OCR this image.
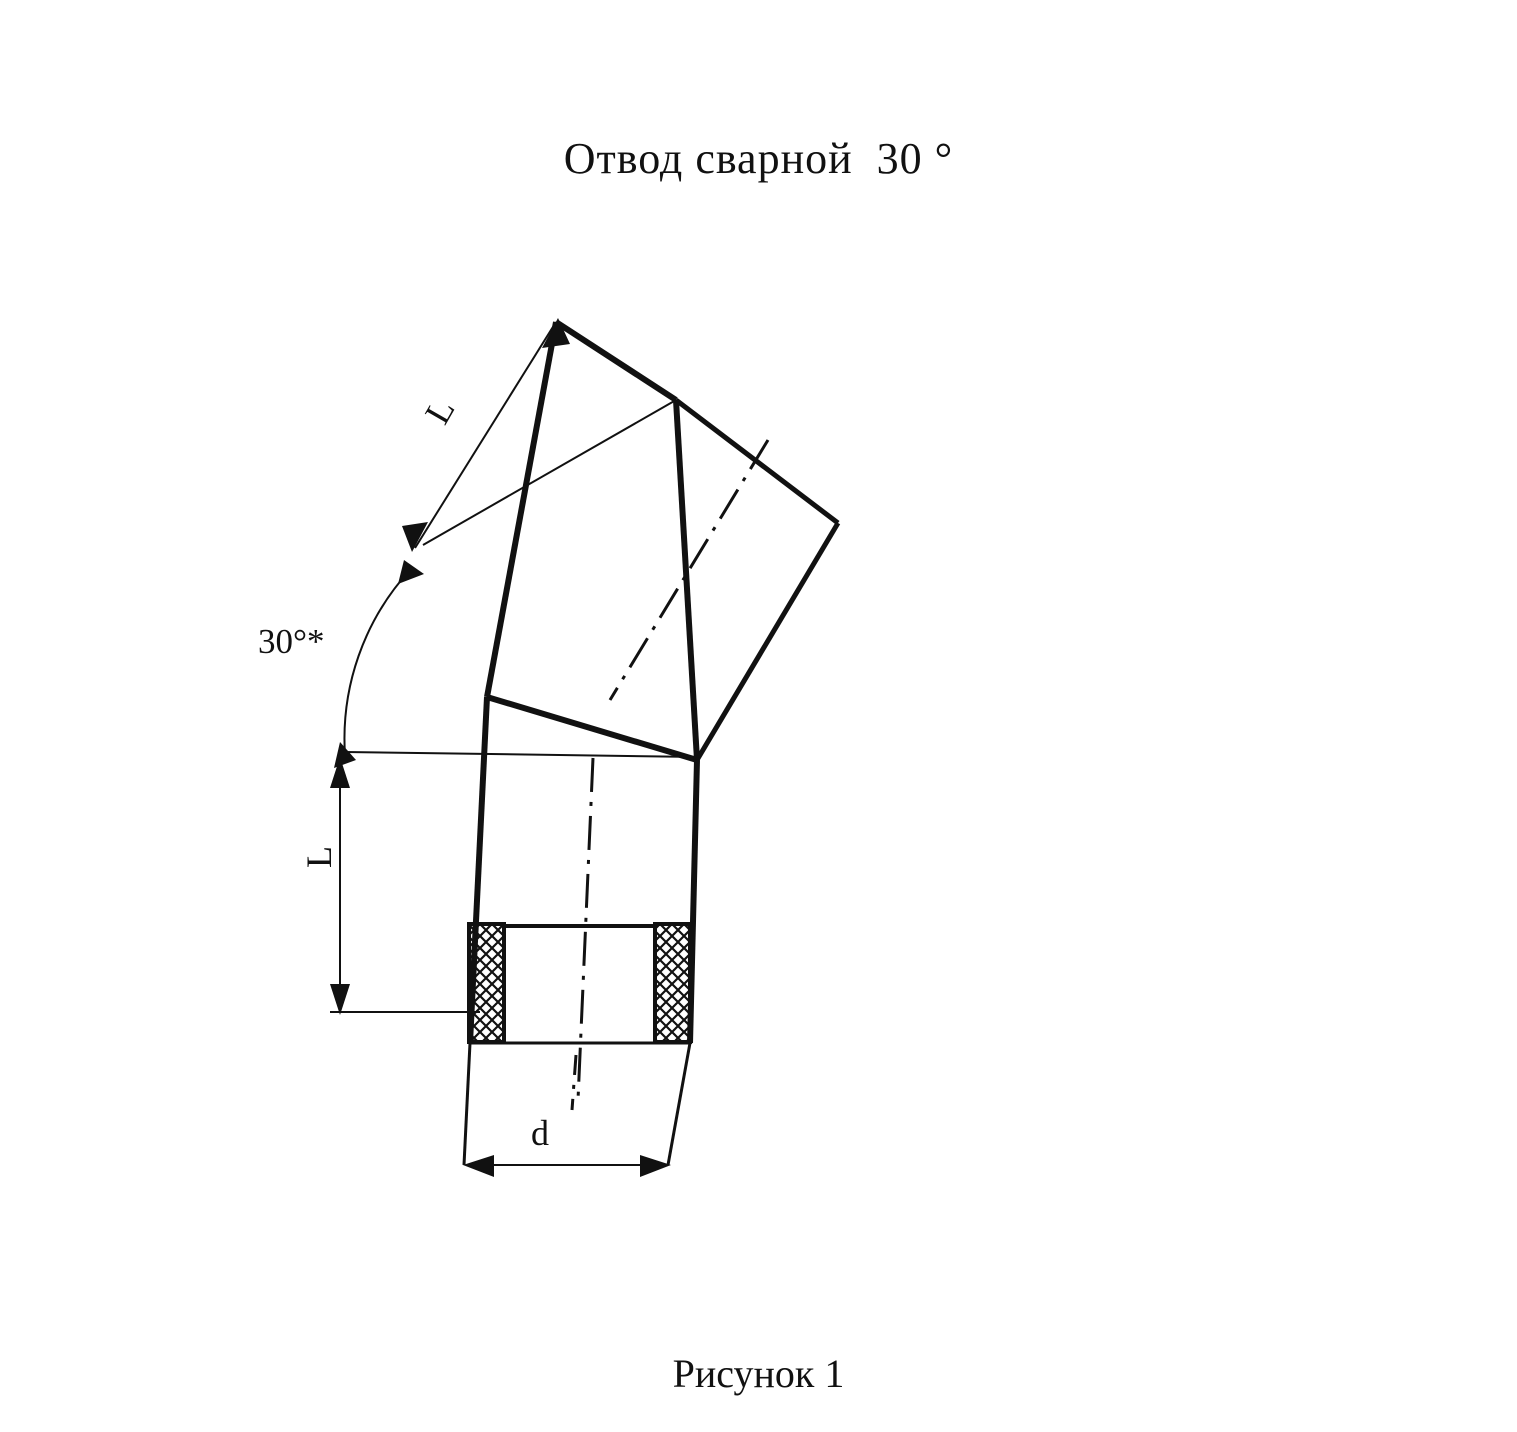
Отвод сварной  30 °
30°*
L
L
d
Рисунок 1
